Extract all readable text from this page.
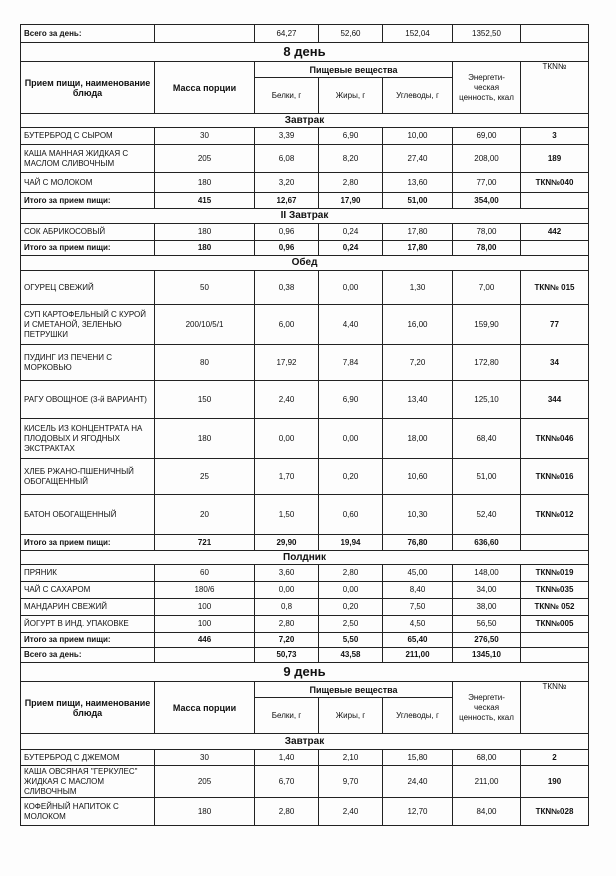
Всего за день:		64,27	52,60	152,04	1352,50	
8 день						
Прием пищи, наименование блюда	Масса порции	Пищевые вещества			Энергети-ческая ценность, ккал	ТКN№
		Белки, г	Жиры, г	Углеводы, г		
Завтрак						
БУТЕРБРОД С СЫРОМ	30	3,39	6,90	10,00	69,00	3
КАША МАННАЯ ЖИДКАЯ С МАСЛОМ СЛИВОЧНЫМ	205	6,08	8,20	27,40	208,00	189
ЧАЙ С МОЛОКОМ	180	3,20	2,80	13,60	77,00	ТКN№040
Итого за прием пищи:	415	12,67	17,90	51,00	354,00	
II Завтрак						
СОК АБРИКОСОВЫЙ	180	0,96	0,24	17,80	78,00	442
Итого за прием пищи:	180	0,96	0,24	17,80	78,00	
Обед						
ОГУРЕЦ СВЕЖИЙ	50	0,38	0,00	1,30	7,00	ТКN№ 015
СУП КАРТОФЕЛЬНЫЙ С КУРОЙ И СМЕТАНОЙ, ЗЕЛЕНЬЮ ПЕТРУШКИ	200/10/5/1	6,00	4,40	16,00	159,90	77
ПУДИНГ ИЗ ПЕЧЕНИ С МОРКОВЬЮ	80	17,92	7,84	7,20	172,80	34
РАГУ ОВОЩНОЕ (3-й ВАРИАНТ)	150	2,40	6,90	13,40	125,10	344
КИСЕЛЬ ИЗ КОНЦЕНТРАТА НА ПЛОДОВЫХ И ЯГОДНЫХ ЭКСТРАКТАХ	180	0,00	0,00	18,00	68,40	ТКN№046
ХЛЕБ РЖАНО-ПШЕНИЧНЫЙ ОБОГАЩЕННЫЙ	25	1,70	0,20	10,60	51,00	ТКN№016
БАТОН ОБОГАЩЕННЫЙ	20	1,50	0,60	10,30	52,40	ТКN№012
Итого за прием пищи:	721	29,90	19,94	76,80	636,60	
Полдник						
ПРЯНИК	60	3,60	2,80	45,00	148,00	ТКN№019
ЧАЙ С САХАРОМ	180/6	0,00	0,00	8,40	34,00	ТКN№035
МАНДАРИН СВЕЖИЙ	100	0,8	0,20	7,50	38,00	ТКN№ 052
ЙОГУРТ В ИНД. УПАКОВКЕ	100	2,80	2,50	4,50	56,50	ТКN№005
Итого за прием пищи:	446	7,20	5,50	65,40	276,50	
Всего за день:		50,73	43,58	211,00	1345,10	
9 день						
Прием пищи, наименование блюда	Масса порции	Пищевые вещества			Энергети-ческая ценность, ккал	ТКN№
		Белки, г	Жиры, г	Углеводы, г		
Завтрак						
БУТЕРБРОД С ДЖЕМОМ	30	1,40	2,10	15,80	68,00	2
КАША ОВСЯНАЯ "ГЕРКУЛЕС" ЖИДКАЯ С МАСЛОМ СЛИВОЧНЫМ	205	6,70	9,70	24,40	211,00	190
КОФЕЙНЫЙ НАПИТОК С МОЛОКОМ	180	2,80	2,40	12,70	84,00	ТКN№028
